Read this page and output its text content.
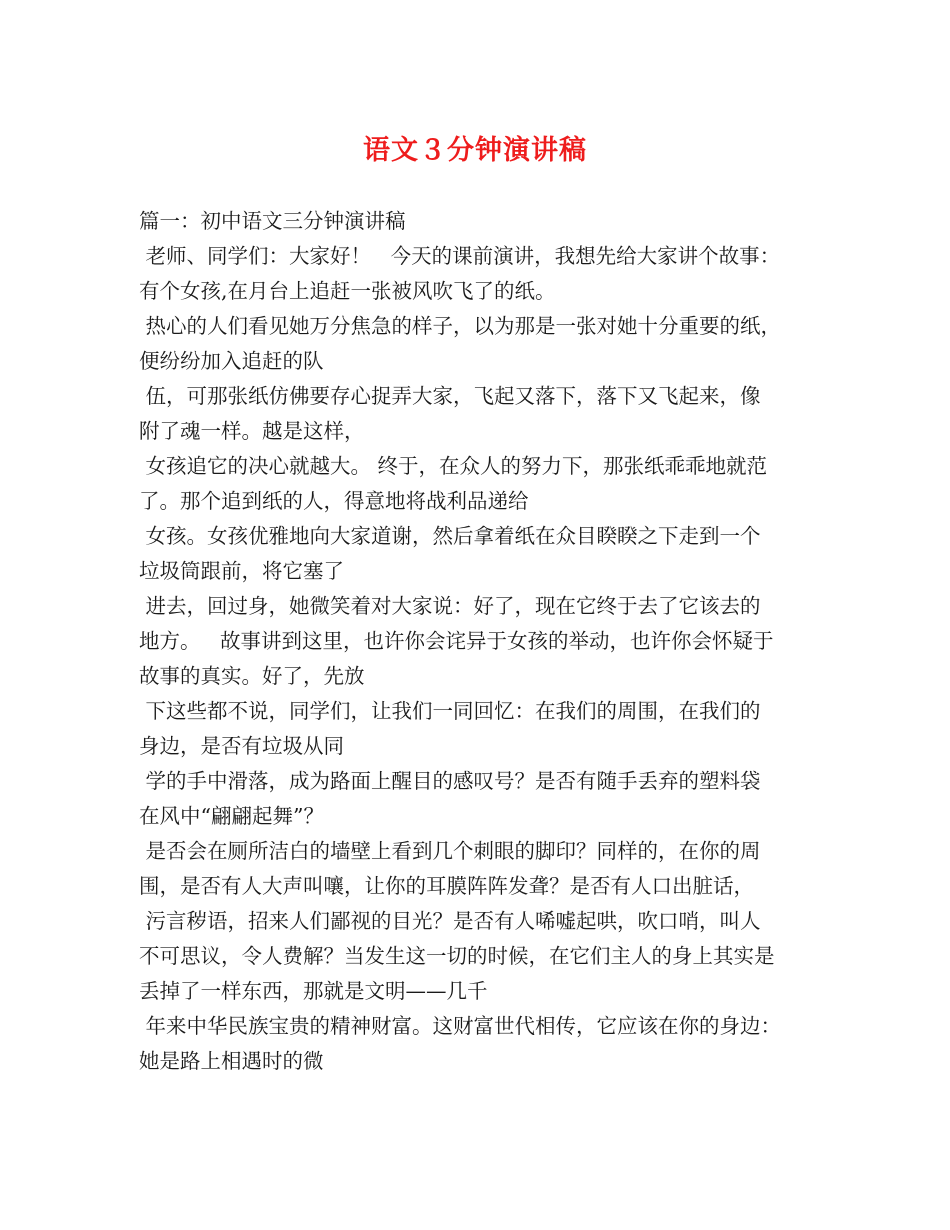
语文３分钟演讲稿
篇一：初中语文三分钟演讲稿
老师、同学们：大家好！   今天的课前演讲，我想先给大家讲个故事：
有个女孩,在月台上追赶一张被风吹飞了的纸。
热心的人们看见她万分焦急的样子，以为那是一张对她十分重要的纸，
便纷纷加入追赶的队
伍，可那张纸仿佛要存心捉弄大家，飞起又落下，落下又飞起来，像
附了魂一样。越是这样，
女孩追它的决心就越大。 终于，在众人的努力下，那张纸乖乖地就范
了。那个追到纸的人，得意地将战利品递给
女孩。女孩优雅地向大家道谢，然后拿着纸在众目睽睽之下走到一个
垃圾筒跟前，将它塞了
进去，回过身，她微笑着对大家说：好了，现在它终于去了它该去的
地方。   故事讲到这里，也许你会诧异于女孩的举动，也许你会怀疑于
故事的真实。好了，先放
下这些都不说，同学们，让我们一同回忆：在我们的周围，在我们的
身边，是否有垃圾从同
学的手中滑落，成为路面上醒目的感叹号？是否有随手丢弃的塑料袋
在风中“翩翩起舞”？
是否会在厕所洁白的墙壁上看到几个刺眼的脚印？同样的，在你的周
围，是否有人大声叫嚷，让你的耳膜阵阵发聋？是否有人口出脏话，
污言秽语，招来人们鄙视的目光？是否有人唏嘘起哄，吹口哨，叫人
不可思议，令人费解？当发生这一切的时候，在它们主人的身上其实是
丢掉了一样东西，那就是文明——几千
年来中华民族宝贵的精神财富。这财富世代相传，它应该在你的身边：
她是路上相遇时的微
